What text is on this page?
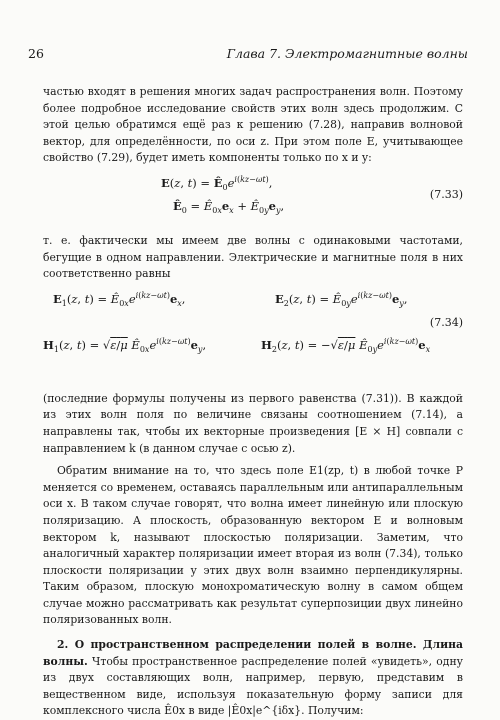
26	Глава 7. Электромагнитные волны

частью входят в решения многих задач распространения волн. Поэтому более подробное исследование свойств этих волн здесь продолжим. С этой целью обратимся ещё раз к решению (7.28), направив волновой вектор, для определённости, по оси z. При этом поле E, учитывающее свойство (7.29), будет иметь компоненты только по x и y:

E(z, $t) = Ê_0e^{i(kz-\omega t)}$,
$Ê_0$ = $Ê_{0x}e_x$ + $Ê_{0y}e_y$,
(7.33)

т. е. фактически мы имеем две волны с одинаковыми частотами, бегущие в одном направлении. Электрические и магнитные поля в них соответственно равны

$E_1(z$, $t) = Ê_{0x}e^{i(kz-\omega t)}e_x$,	$E_2(z$, $t) = Ê_{0y}e^{i(kz-\omega t)}e_y$,
(7.34)
$H_1(z$, t) = √ε/μ $Ê_{0x}e^{i(kz-\omega t)}e_y$,	$H_2(z$, t) = −√ε/μ $Ê_{0y}e^{i(kz-\omega t)}e_x$

(последние формулы получены из первого равенства (7.31)). В каждой из этих волн поля по величине связаны соотношением (7.14), а направлены так, чтобы их векторные произведения [E × H] совпали с направлением k (в данном случае с осью z).

Обратим внимание на то, что здесь поле E1(zp, t) в любой точке P меняется со временем, оставаясь параллельным или антипараллельным оси x. В таком случае говорят, что волна имеет линейную или плоскую поляризацию. А плоскость, образованную вектором E и волновым вектором k, называют плоскостью поляризации. Заметим, что аналогичный характер поляризации имеет вторая из волн (7.34), только плоскости поляризации у этих двух волн взаимно перпендикулярны. Таким образом, плоскую монохроматическую волну в самом общем случае можно рассматривать как результат суперпозиции двух линейно поляризованных волн.

2. О пространственном распределении полей в волне. Длина волны. Чтобы пространственное распределение полей «увидеть», одну из двух составляющих волн, например, первую, представим в вещественном виде, используя показательную форму записи для комплексного числа Ê0x в виде |Ê0x|e^{iδx}. Получим:
